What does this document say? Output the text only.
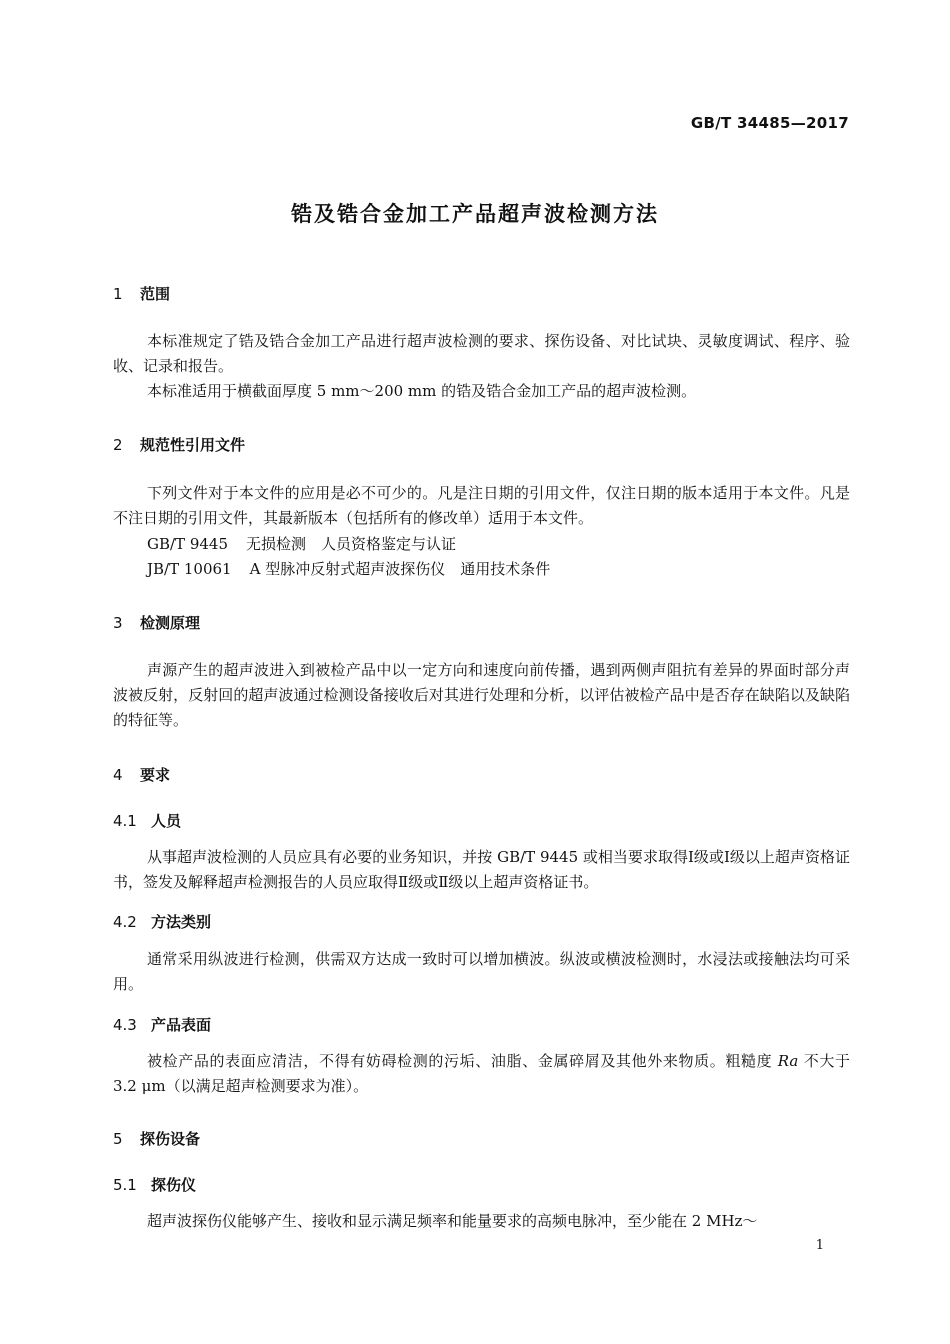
GB/T 34485—2017
锆及锆合金加工产品超声波检测方法
1 范围
本标准规定了锆及锆合金加工产品进行超声波检测的要求、探伤设备、对比试块、灵敏度调试、程序、验收、记录和报告。
本标准适用于横截面厚度 5 mm～200 mm 的锆及锆合金加工产品的超声波检测。
2 规范性引用文件
下列文件对于本文件的应用是必不可少的。凡是注日期的引用文件，仅注日期的版本适用于本文件。凡是不注日期的引用文件，其最新版本（包括所有的修改单）适用于本文件。
GB/T 9445 无损检测　人员资格鉴定与认证
JB/T 10061 A 型脉冲反射式超声波探伤仪　通用技术条件
3 检测原理
声源产生的超声波进入到被检产品中以一定方向和速度向前传播，遇到两侧声阻抗有差异的界面时部分声波被反射，反射回的超声波通过检测设备接收后对其进行处理和分析，以评估被检产品中是否存在缺陷以及缺陷的特征等。
4 要求
4.1 人员
从事超声波检测的人员应具有必要的业务知识，并按 GB/T 9445 或相当要求取得Ⅰ级或Ⅰ级以上超声资格证书，签发及解释超声检测报告的人员应取得Ⅱ级或Ⅱ级以上超声资格证书。
4.2 方法类别
通常采用纵波进行检测，供需双方达成一致时可以增加横波。纵波或横波检测时，水浸法或接触法均可采用。
4.3 产品表面
被检产品的表面应清洁，不得有妨碍检测的污垢、油脂、金属碎屑及其他外来物质。粗糙度 Ra 不大于 3.2 μm（以满足超声检测要求为准）。
5 探伤设备
5.1 探伤仪
超声波探伤仪能够产生、接收和显示满足频率和能量要求的高频电脉冲，至少能在 2 MHz～
1
